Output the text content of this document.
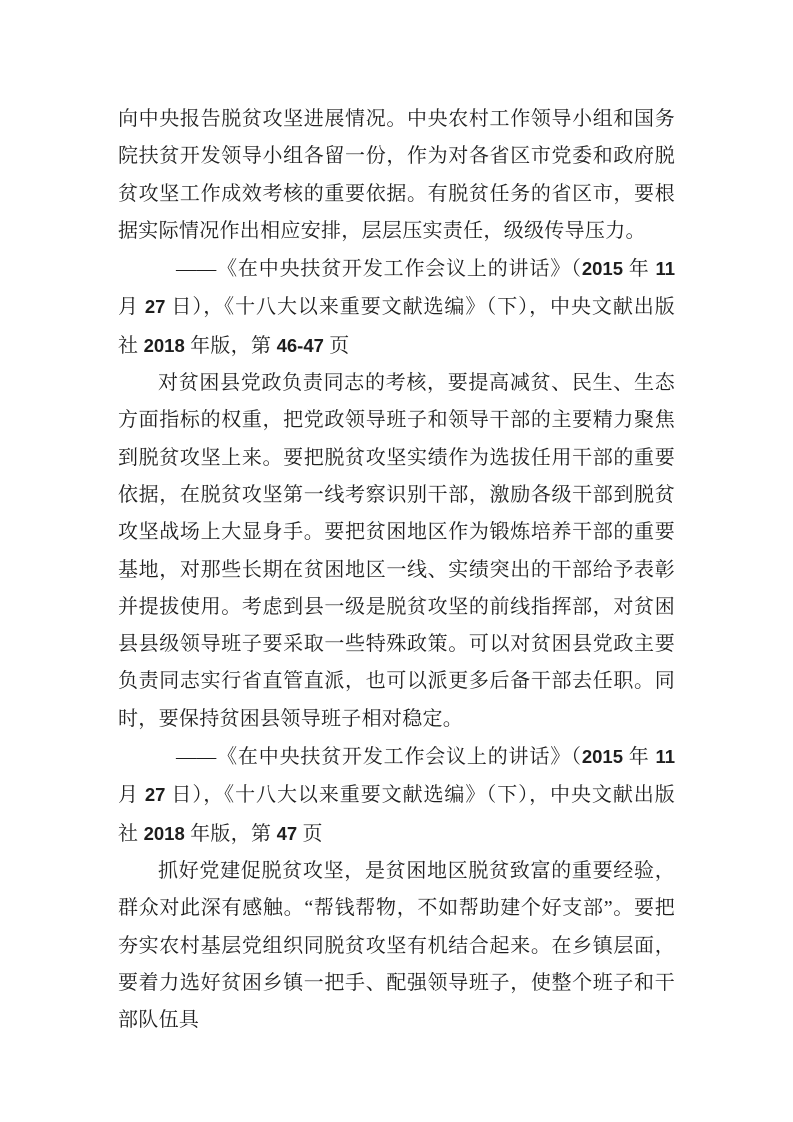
向中央报告脱贫攻坚进展情况。中央农村工作领导小组和国务院扶贫开发领导小组各留一份，作为对各省区市党委和政府脱贫攻坚工作成效考核的重要依据。有脱贫任务的省区市，要根据实际情况作出相应安排，层层压实责任，级级传导压力。

——《在中央扶贫开发工作会议上的讲话》（2015 年 11 月 27 日），《十八大以来重要文献选编》（下），中央文献出版社 2018 年版，第 46-47 页

对贫困县党政负责同志的考核，要提高减贫、民生、生态方面指标的权重，把党政领导班子和领导干部的主要精力聚焦到脱贫攻坚上来。要把脱贫攻坚实绩作为选拔任用干部的重要依据，在脱贫攻坚第一线考察识别干部，激励各级干部到脱贫攻坚战场上大显身手。要把贫困地区作为锻炼培养干部的重要基地，对那些长期在贫困地区一线、实绩突出的干部给予表彰并提拔使用。考虑到县一级是脱贫攻坚的前线指挥部，对贫困县县级领导班子要采取一些特殊政策。可以对贫困县党政主要负责同志实行省直管直派，也可以派更多后备干部去任职。同时，要保持贫困县领导班子相对稳定。

——《在中央扶贫开发工作会议上的讲话》（2015 年 11 月 27 日），《十八大以来重要文献选编》（下），中央文献出版社 2018 年版，第 47 页

抓好党建促脱贫攻坚，是贫困地区脱贫致富的重要经验，群众对此深有感触。“帮钱帮物，不如帮助建个好支部”。要把夯实农村基层党组织同脱贫攻坚有机结合起来。在乡镇层面，要着力选好贫困乡镇一把手、配强领导班子，使整个班子和干部队伍具
